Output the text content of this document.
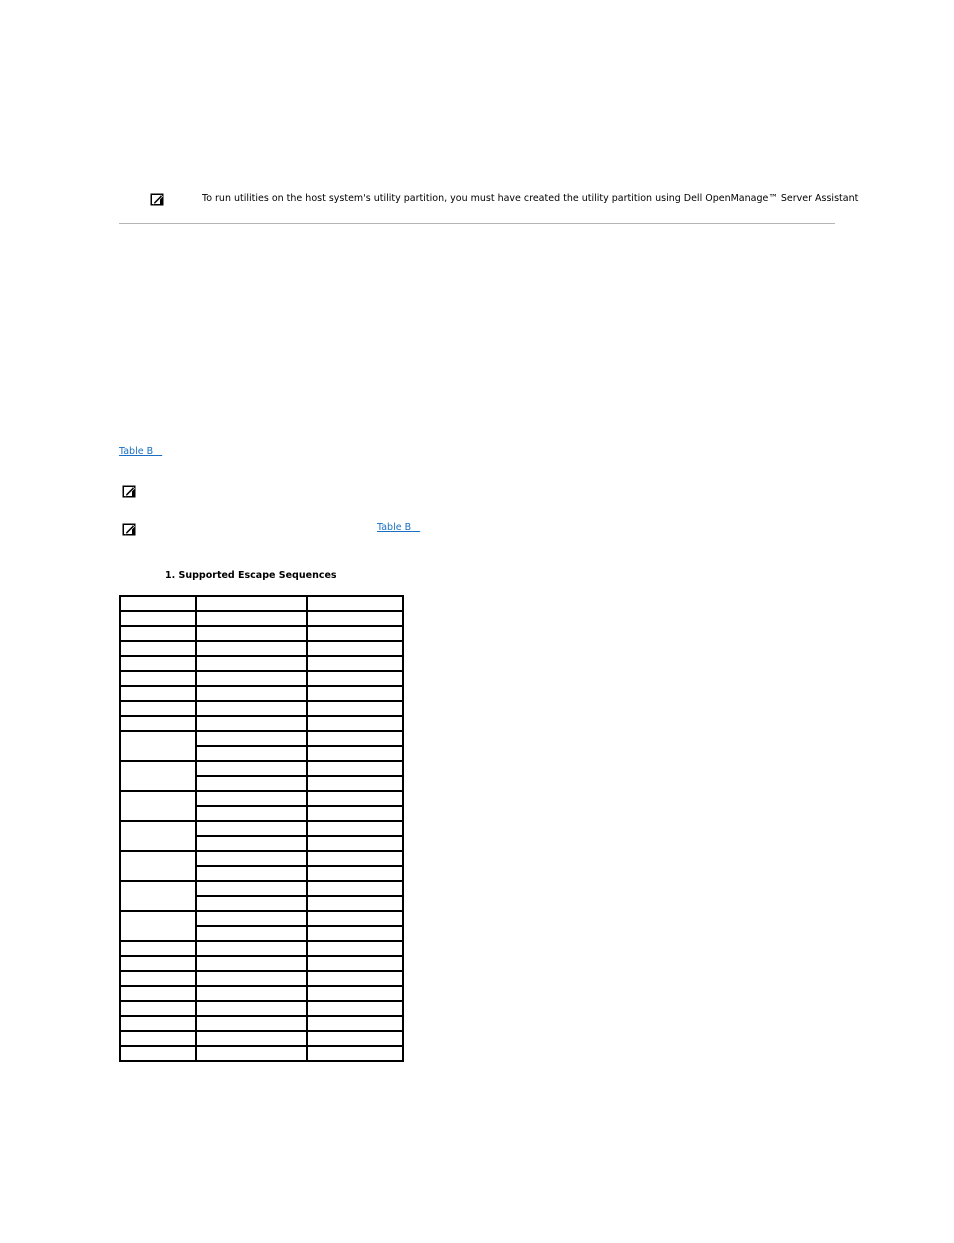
To run utilities on the host system's utility partition, you must have created the utility partition using Dell OpenManage™ Server Assistant
Table B
Table B
1. Supported Escape Sequences
